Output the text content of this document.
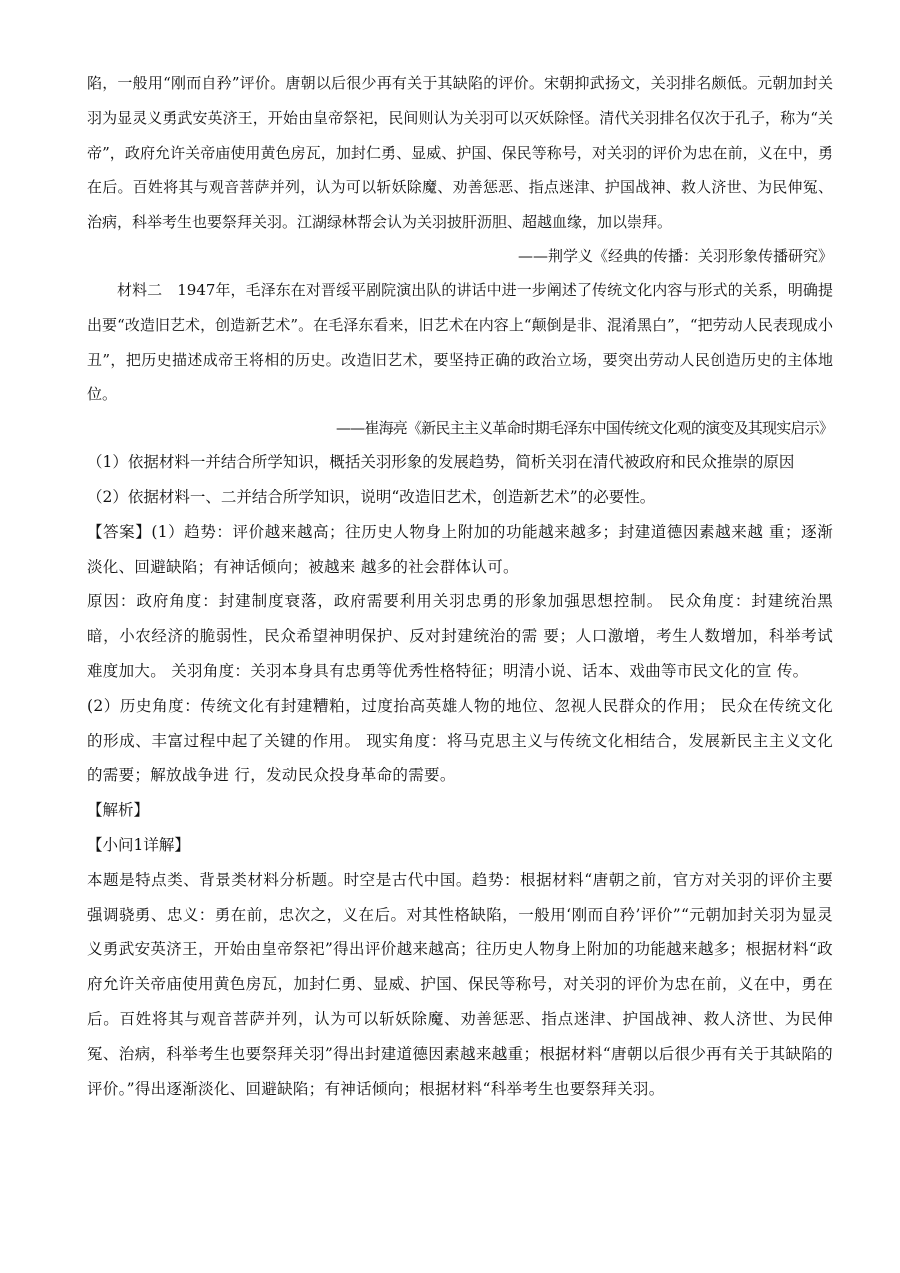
陷，一般用“刚而自矜”评价。唐朝以后很少再有关于其缺陷的评价。宋朝抑武扬文，关羽排名颇低。元朝加封关羽为显灵义勇武安英济王，开始由皇帝祭祀，民间则认为关羽可以灭妖除怪。清代关羽排名仅次于孔子，称为“关帝”，政府允许关帝庙使用黄色房瓦，加封仁勇、显威、护国、保民等称号，对关羽的评价为忠在前，义在中，勇在后。百姓将其与观音菩萨并列，认为可以斩妖除魔、劝善惩恶、指点迷津、护国战神、救人济世、为民伸冤、治病，科举考生也要祭拜关羽。江湖绿林帮会认为关羽披肝沥胆、超越血缘，加以崇拜。

——荆学义《经典的传播：关羽形象传播研究》

材料二　1947年，毛泽东在对晋绥平剧院演出队的讲话中进一步阐述了传统文化内容与形式的关系，明确提出要“改造旧艺术，创造新艺术”。在毛泽东看来，旧艺术在内容上“颠倒是非、混淆黑白”，“把劳动人民表现成小丑”，把历史描述成帝王将相的历史。改造旧艺术，要坚持正确的政治立场，要突出劳动人民创造历史的主体地位。

——崔海亮《新民主主义革命时期毛泽东中国传统文化观的演变及其现实启示》

（1）依据材料一并结合所学知识，概括关羽形象的发展趋势，简析关羽在清代被政府和民众推崇的原因

（2）依据材料一、二并结合所学知识，说明“改造旧艺术，创造新艺术”的必要性。

【答案】(1）趋势：评价越来越高；往历史人物身上附加的功能越来越多；封建道德因素越来越 重；逐渐淡化、回避缺陷；有神话倾向；被越来 越多的社会群体认可。

原因：政府角度：封建制度衰落，政府需要利用关羽忠勇的形象加强思想控制。 民众角度：封建统治黑暗，小农经济的脆弱性，民众希望神明保护、反对封建统治的需 要；人口激增，考生人数增加，科举考试难度加大。 关羽角度：关羽本身具有忠勇等优秀性格特征；明清小说、话本、戏曲等市民文化的宣 传。

(2）历史角度：传统文化有封建糟粕，过度抬高英雄人物的地位、忽视人民群众的作用； 民众在传统文化的形成、丰富过程中起了关键的作用。 现实角度：将马克思主义与传统文化相结合，发展新民主主义文化的需要；解放战争进 行，发动民众投身革命的需要。

【解析】

【小问1详解】

本题是特点类、背景类材料分析题。时空是古代中国。趋势：根据材料“唐朝之前，官方对关羽的评价主要强调骁勇、忠义：勇在前，忠次之，义在后。对其性格缺陷，一般用‘刚而自矜’评价”“元朝加封关羽为显灵义勇武安英济王，开始由皇帝祭祀”得出评价越来越高；往历史人物身上附加的功能越来越多；根据材料“政府允许关帝庙使用黄色房瓦，加封仁勇、显威、护国、保民等称号，对关羽的评价为忠在前，义在中，勇在后。百姓将其与观音菩萨并列，认为可以斩妖除魔、劝善惩恶、指点迷津、护国战神、救人济世、为民伸冤、治病，科举考生也要祭拜关羽”得出封建道德因素越来越重；根据材料“唐朝以后很少再有关于其缺陷的评价。”得出逐渐淡化、回避缺陷；有神话倾向；根据材料“科举考生也要祭拜关羽。
